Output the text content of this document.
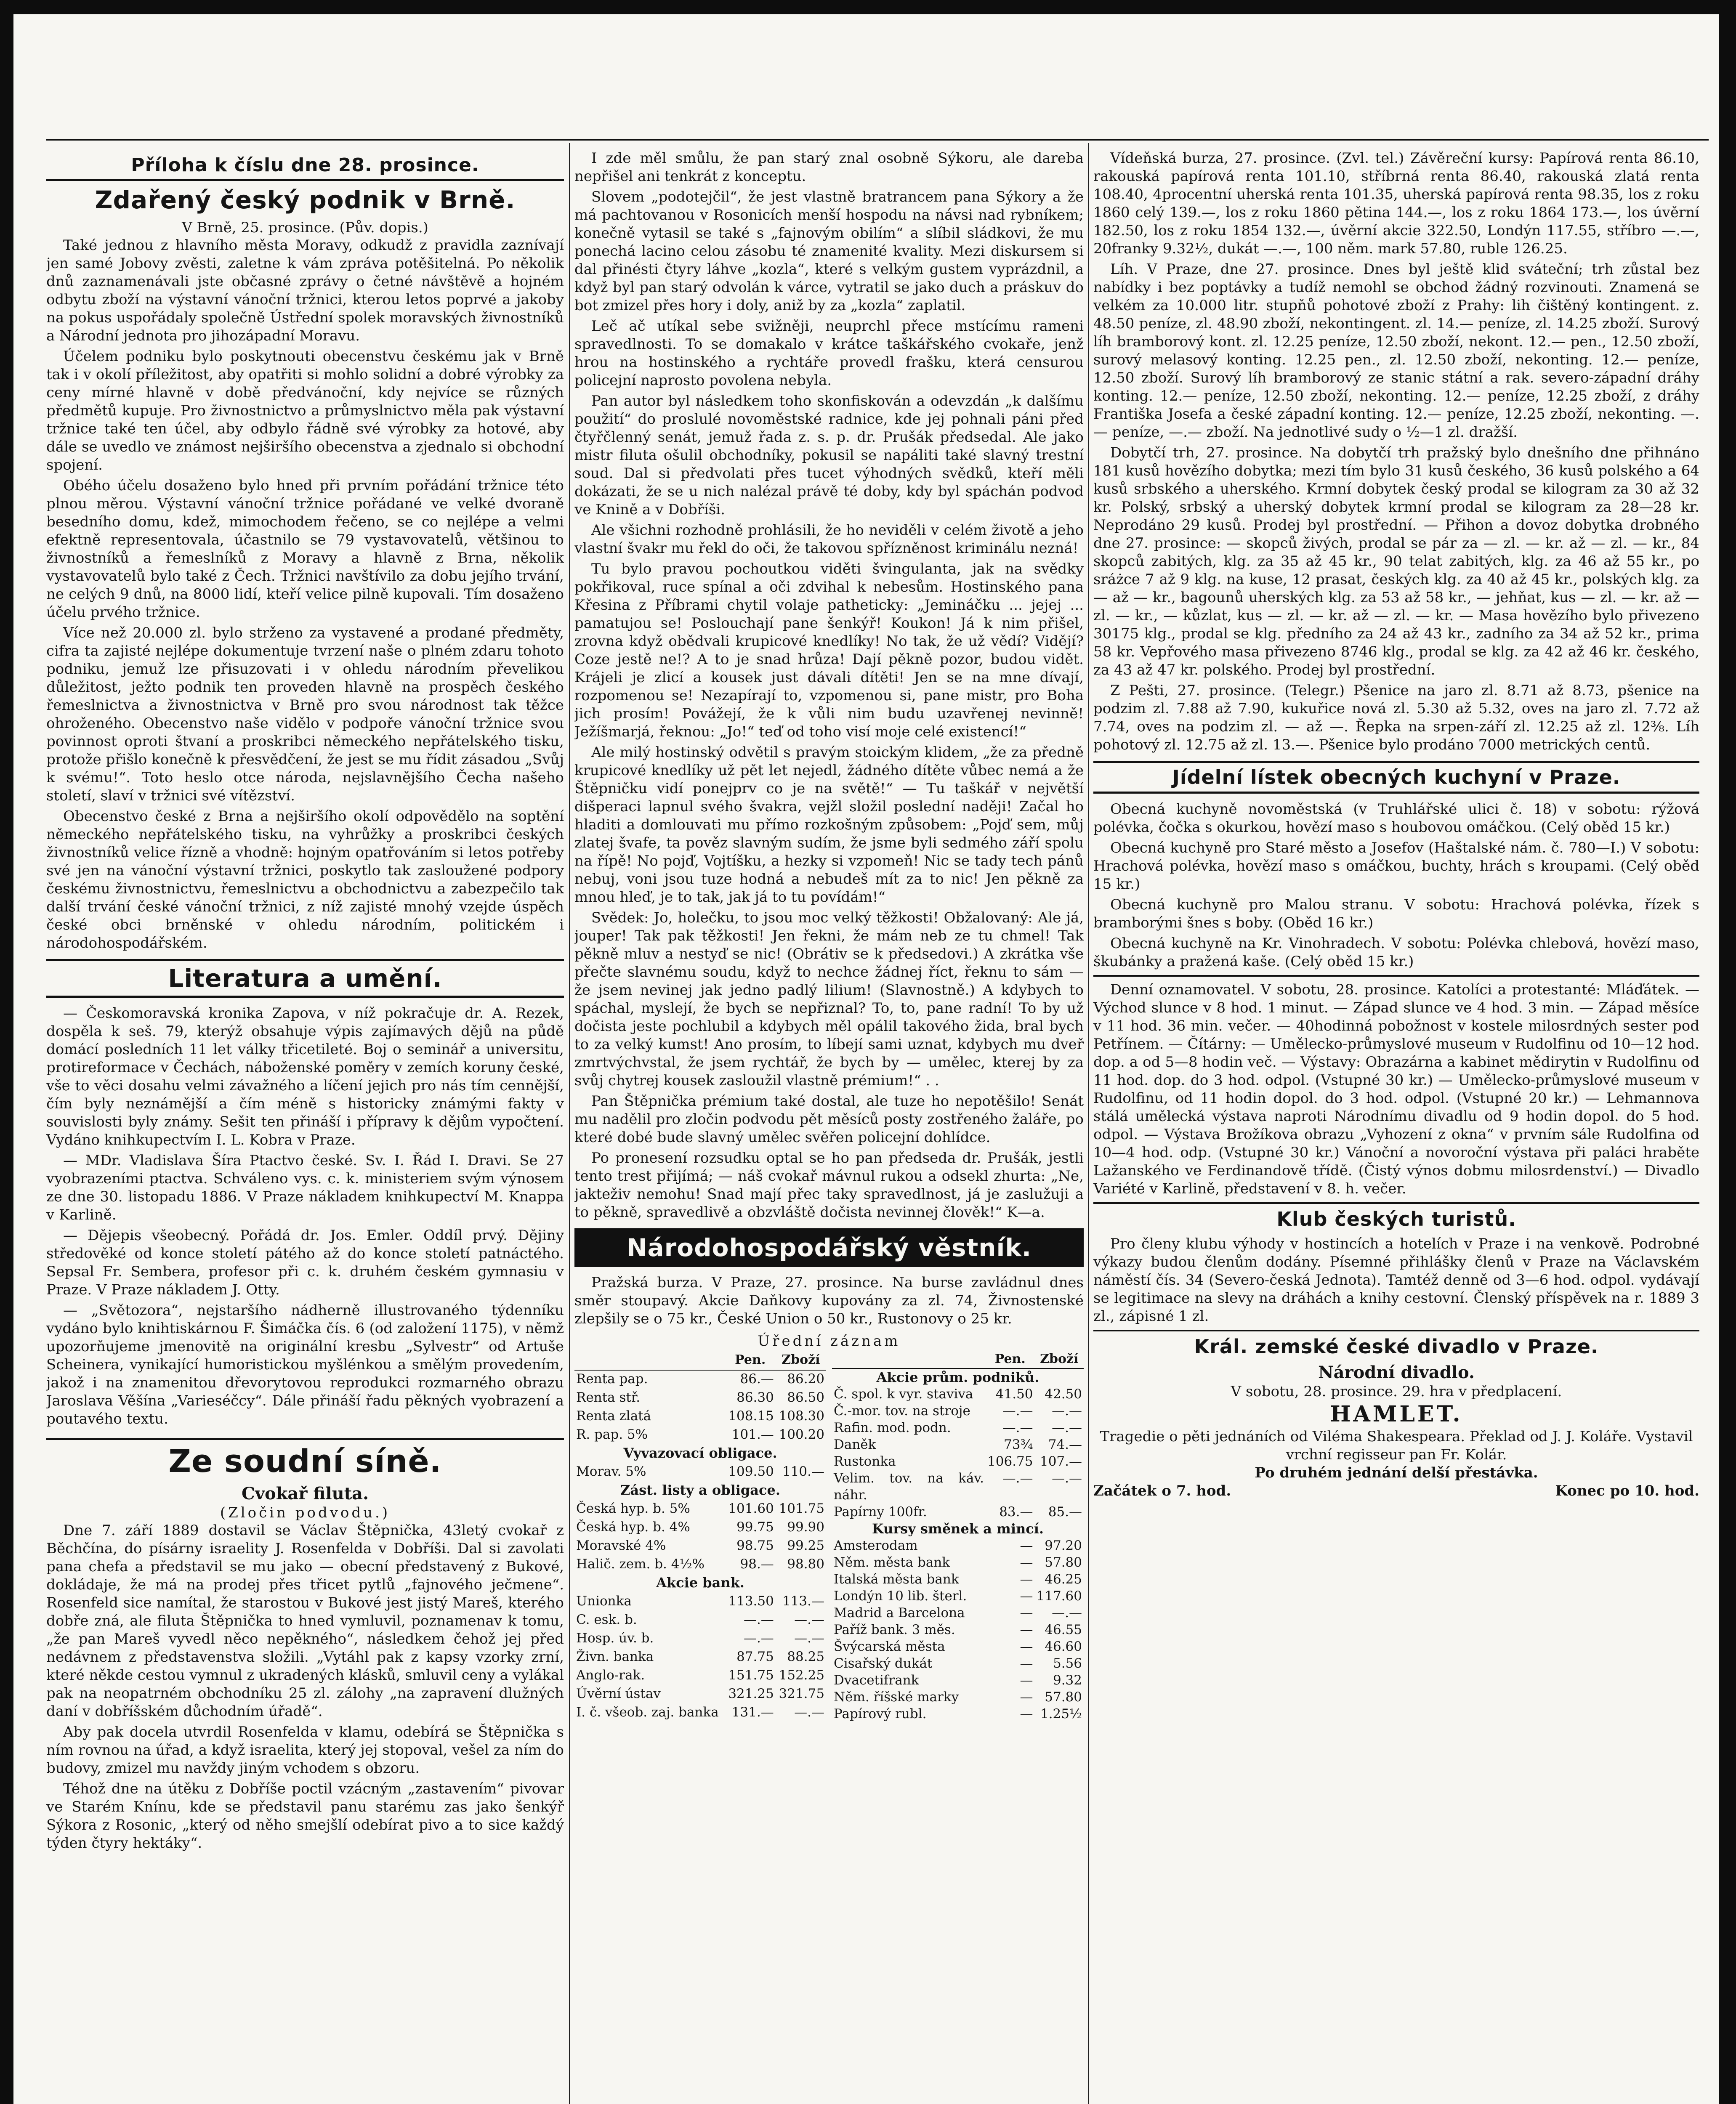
Příloha k číslu dne 28. prosince.
Zdařený český podnik v Brně.
V Brně, 25. prosince. (Pův. dopis.)

Také jednou z hlavního města Moravy, odkudž z pravidla zaznívají jen samé Jobovy zvěsti, zaletne k vám zpráva potěšitelná. Po několik dnů zaznamenávali jste občasné zprávy o četné návštěvě a hojném odbytu zboží na výstavní vánoční tržnici, kterou letos poprvé a jakoby na pokus uspořádaly společně Ústřední spolek moravských živnostníků a Národní jednota pro jihozápadní Moravu.

Účelem podniku bylo poskytnouti obecenstvu českému jak v Brně tak i v okolí příležitost, aby opatřiti si mohlo solidní a dobré výrobky za ceny mírné hlavně v době předvánoční, kdy nejvíce se různých předmětů kupuje. Pro živnostnictvo a průmyslnictvo měla pak výstavní tržnice také ten účel, aby odbylo řádně své výrobky za hotové, aby dále se uvedlo ve známost nejširšího obecenstva a zjednalo si obchodní spojení.

Obého účelu dosaženo bylo hned při prvním pořádání tržnice této plnou měrou. Výstavní vánoční tržnice pořádané ve velké dvoraně besedního domu, kdež, mimochodem řečeno, se co nejlépe a velmi efektně representovala, účastnilo se 79 vystavovatelů, většinou to živnostníků a řemeslníků z Moravy a hlavně z Brna, několik vystavovatelů bylo také z Čech. Tržnici navštívilo za dobu jejího trvání, ne celých 9 dnů, na 8000 lidí, kteří velice pilně kupovali. Tím dosaženo účelu prvého tržnice.

Více než 20.000 zl. bylo strženo za vystavené a prodané předměty, cifra ta zajisté nejlépe dokumentuje tvrzení naše o plném zdaru tohoto podniku, jemuž lze přisuzovati i v ohledu národním převelikou důležitost, ježto podnik ten proveden hlavně na prospěch českého řemeslnictva a živnostnictva v Brně pro svou národnost tak těžce ohroženého. Obecenstvo naše vidělo v podpoře vánoční tržnice svou povinnost oproti štvaní a proskribci německého nepřátelského tisku, protože přišlo konečně k přesvědčení, že jest se mu řídit zásadou „Svůj k svému!“. Toto heslo otce národa, nejslavnějšího Čecha našeho století, slaví v tržnici své vítězství.

Obecenstvo české z Brna a nejširšího okolí odpovědělo na soptění německého nepřátelského tisku, na vyhrůžky a proskribci českých živnostníků velice řízně a vhodně: hojným opatřováním si letos potřeby své jen na vánoční výstavní tržnici, poskytlo tak zasloužené podpory českému živnostnictvu, řemeslnictvu a obchodnictvu a zabezpečilo tak další trvání české vánoční tržnici, z níž zajisté mnohý vzejde úspěch české obci brněnské v ohledu národním, politickém i národohospodářském.

Literatura a umění.

— Českomoravská kronika Zapova, v níž pokračuje dr. A. Rezek, dospěla k seš. 79, kterýž obsahuje výpis zajímavých dějů na půdě domácí posledních 11 let války třicetileté. Boj o seminář a universitu, protireformace v Čechách, náboženské poměry v zemích koruny české, vše to věci dosahu velmi závažného a líčení jejich pro nás tím cennější, čím byly neznámější a čím méně s historicky známými fakty v souvislosti byly známy. Sešit ten přináší i přípravy k dějům vypočtení. Vydáno knihkupectvím I. L. Kobra v Praze.

— MDr. Vladislava Šíra Ptactvo české. Sv. I. Řád I. Dravi. Se 27 vyobrazeními ptactva. Schváleno vys. c. k. ministeriem svým výnosem ze dne 30. listopadu 1886. V Praze nákladem knihkupectví M. Knappa v Karlině.

— Dějepis všeobecný. Pořádá dr. Jos. Emler. Oddíl prvý. Dějiny středověké od konce století pátého až do konce století patnáctého. Sepsal Fr. Sembera, profesor při c. k. druhém českém gymnasiu v Praze. V Praze nákladem J. Otty.

— „Světozora“, nejstaršího nádherně illustrovaného týdenníku vydáno bylo knihtiskárnou F. Šimáčka čís. 6 (od založení 1175), v němž upozorňujeme jmenovitě na originální kresbu „Sylvestr“ od Artuše Scheinera, vynikající humoristickou myšlénkou a smělým provedením, jakož i na znamenitou dřevorytovou reprodukci rozmarného obrazu Jaroslava Věšína „Varieséčcy“. Dále přináší řadu pěkných vyobrazení a poutavého textu.

Ze soudní síně.
Cvokař filuta.
(Zločin podvodu.)

Dne 7. září 1889 dostavil se Václav Štěpnička, 43letý cvokař z Běchčína, do písárny israelity J. Rosenfelda v Dobříši. Dal si zavolati pana chefa a představil se mu jako — obecní představený z Bukové, dokládaje, že má na prodej přes třicet pytlů „fajnového ječmene“. Rosenfeld sice namítal, že starostou v Bukové jest jistý Mareš, kterého dobře zná, ale filuta Štěpnička to hned vymluvil, poznamenav k tomu, „že pan Mareš vyvedl něco nepěkného“, následkem čehož jej před nedávnem z představenstva složili. „Vytáhl pak z kapsy vzorky zrní, které někde cestou vymnul z ukradených klásků, smluvil ceny a vylákal pak na neopatrném obchodníku 25 zl. zálohy „na zapravení dlužných daní v dobříšském důchodním úřadě“.

Aby pak docela utvrdil Rosenfelda v klamu, odebírá se Štěpnička s ním rovnou na úřad, a když israelita, který jej stopoval, vešel za ním do budovy, zmizel mu navždy jiným vchodem s obzoru.

Téhož dne na útěku z Dobříše poctil vzácným „zastavením“ pivovar ve Starém Knínu, kde se představil panu starému zas jako šenkýř Sýkora z Rosonic, „který od něho smejšlí odebírat pivo a to sice každý týden čtyry hektáky“.

I zde měl smůlu, že pan starý znal osobně Sýkoru, ale dareba nepřišel ani tenkrát z konceptu.

Slovem „podotejčil“, že jest vlastně bratrancem pana Sýkory a že má pachtovanou v Rosonicích menší hospodu na návsi nad rybníkem; konečně vytasil se také s „fajnovým obilím“ a slíbil sládkovi, že mu ponechá lacino celou zásobu té znamenité kvality. Mezi diskursem si dal přinésti čtyry láhve „kozla“, které s velkým gustem vyprázdnil, a když byl pan starý odvolán k várce, vytratil se jako duch a práskuv do bot zmizel přes hory i doly, aniž by za „kozla“ zaplatil.

Leč ač utíkal sebe svižněji, neuprchl přece mstícímu rameni spravedlnosti. To se domakalo v krátce taškářského cvokaře, jenž hrou na hostinského a rychtáře provedl frašku, která censurou policejní naprosto povolena nebyla.

Pan autor byl následkem toho skonfiskován a odevzdán „k dalšímu použití“ do proslulé novoměstské radnice, kde jej pohnali páni před čtyřčlenný senát, jemuž řada z. s. p. dr. Prušák předsedal. Ale jako mistr filuta ošulil obchodníky, pokusil se napáliti také slavný trestní soud. Dal si předvolati přes tucet výhodných svědků, kteří měli dokázati, že se u nich nalézal právě té doby, kdy byl spáchán podvod ve Knině a v Dobříši.

Ale všichni rozhodně prohlásili, že ho neviděli v celém životě a jeho vlastní švakr mu řekl do oči, že takovou spřízněnost kriminálu nezná!

Tu bylo pravou pochoutkou viděti švingulanta, jak na svědky pokřikoval, ruce spínal a oči zdvihal k nebesům. Hostinského pana Křesina z Příbrami chytil volaje patheticky: „Jemináčku ... jejej ... pamatujou se! Poslouchají pane šenkýř! Koukon! Já k nim přišel, zrovna když obědvali krupicové knedlíky! No tak, že už vědí? Vidějí? Coze jestě ne!? A to je snad hrůza! Dají pěkně pozor, budou vidět. Krájeli je zlicí a kousek just dávali dítěti! Jen se na mne dívají, rozpomenou se! Nezapírají to, vzpomenou si, pane mistr, pro Boha jich prosím! Povážejí, že k vůli nim budu uzavřenej nevinně! Ježíšmarjá, řeknou: „Jo!“ teď od toho visí moje celé existencí!“

Ale milý hostinský odvětil s pravým stoickým klidem, „že za předně krupicové knedlíky už pět let nejedl, žádného dítěte vůbec nemá a že Štěpničku vidí ponejprv co je na světě!“ — Tu taškář v největší dišperaci lapnul svého švakra, vejžl složil poslední naději! Začal ho hladiti a domlouvati mu přímo rozkošným způsobem: „Pojď sem, můj zlatej švafe, ta pověz slavným sudím, že jsme byli sedmého září spolu na řípě! No pojď, Vojtíšku, a hezky si vzpomeň! Nic se tady tech pánů nebuj, voni jsou tuze hodná a nebudeš mít za to nic! Jen pěkně za mnou hleď, je to tak, jak já to tu povídám!“

Svědek: Jo, holečku, to jsou moc velký těžkosti! Obžalovaný: Ale já, jouper! Tak pak těžkosti! Jen řekni, že mám neb ze tu chmel! Tak pěkně mluv a nestyď se nic! (Obrátiv se k předsedovi.) A zkrátka vše přečte slavnému soudu, když to nechce žádnej říct, řeknu to sám — že jsem nevinej jak jedno padlý lilium! (Slavnostně.) A kdybych to spáchal, myslejí, že bych se nepřiznal? To, to, pane radní! To by už dočista jeste pochlubil a kdybych měl opálil takového žida, bral bych to za velký kumst! Ano prosím, to líbejí sami uznat, kdybych mu dveř zmrtvýchvstal, že jsem rychtář, že bych by — umělec, kterej by za svůj chytrej kousek zasloužil vlastně prémium!“ . .

Pan Štěpnička prémium také dostal, ale tuze ho nepotěšilo! Senát mu nadělil pro zločin podvodu pět měsíců posty zostřeného žaláře, po které dobé bude slavný umělec svěřen policejní dohlídce.

Po pronesení rozsudku optal se ho pan předseda dr. Prušák, jestli tento trest přijímá; — náš cvokař mávnul rukou a odsekl zhurta: „Ne, jakteživ nemohu! Snad mají přec taky spravedlnost, já je zaslužuji a to pěkně, spravedlivě a obzvláště dočista nevinnej člověk!“ K—a.

Národohospodářský věstník.

Pražská burza. V Praze, 27. prosince. Na burse zavládnul dnes směr stoupavý. Akcie Daňkovy kupovány za zl. 74, Živnostenské zlepšily se o 75 kr., České Union o 50 kr., Rustonovy o 25 kr.

Úřední záznam
	Pen.	Zboží
Renta pap.	86.—	86.20
Renta stř.	86.30	86.50
Renta zlatá	108.15	108.30
R. pap. 5%	101.—	100.20
Vyvazovací obligace.		
Morav. 5%	109.50	110.—
Zást. listy a obligace.		
Česká hyp. b. 5%	101.60	101.75
Česká hyp. b. 4%	99.75	99.90
Moravské 4%	98.75	99.25
Halič. zem. b. 4½%	98.—	98.80
Akcie bank.		
Unionka	113.50	113.—
C. esk. b.	—.—	—.—
Hosp. úv. b.	—.—	—.—
Živn. banka	87.75	88.25
Anglo-rak.	151.75	152.25
Úvěrní ústav	321.25	321.75
I. č. všeob. zaj. banka	131.—	—.—
	Pen.	Zboží
Akcie prům. podniků.		
Č. spol. k vyr. staviva	41.50	42.50
Č.-mor. tov. na stroje	—.—	—.—
Rafin. mod. podn.	—.—	—.—
Daněk	73¾	74.—
Rustonka	106.75	107.—
Velim. tov. na káv. náhr.	—.—	—.—
Papírny 100fr.	83.—	85.—
Kursy směnek a mincí.		
Amsterodam	—	97.20
Něm. města bank	—	57.80
Italská města bank	—	46.25
Londýn 10 lib. šterl.	—	117.60
Madrid a Barcelona	—	—.—
Paříž bank. 3 měs.	—	46.55
Švýcarská města	—	46.60
Cisařský dukát	—	5.56
Dvacetifrank	—	9.32
Něm. říšské marky	—	57.80
Papírový rubl.	—	1.25½

Vídeňská burza, 27. prosince. (Zvl. tel.) Závěreční kursy: Papírová renta 86.10, rakouská papírová renta 101.10, stříbrná renta 86.40, rakouská zlatá renta 108.40, 4procentní uherská renta 101.35, uherská papírová renta 98.35, los z roku 1860 celý 139.—, los z roku 1860 pětina 144.—, los z roku 1864 173.—, los úvěrní 182.50, los z roku 1854 132.—, úvěrní akcie 322.50, Londýn 117.55, stříbro —.—, 20franky 9.32½, dukát —.—, 100 něm. mark 57.80, ruble 126.25.

Líh. V Praze, dne 27. prosince. Dnes byl ještě klid sváteční; trh zůstal bez nabídky i bez poptávky a tudíž nemohl se obchod žádný rozvinouti. Znamená se velkém za 10.000 litr. stupňů pohotové zboží z Prahy: lih čištěný kontingent. z. 48.50 peníze, zl. 48.90 zboží, nekontingent. zl. 14.— peníze, zl. 14.25 zboží. Surový líh bramborový kont. zl. 12.25 peníze, 12.50 zboží, nekont. 12.— pen., 12.50 zboží, surový melasový konting. 12.25 pen., zl. 12.50 zboží, nekonting. 12.— peníze, 12.50 zboží. Surový líh bramborový ze stanic státní a rak. severo-západní dráhy konting. 12.— peníze, 12.50 zboží, nekonting. 12.— peníze, 12.25 zboží, z dráhy Františka Josefa a české západní konting. 12.— peníze, 12.25 zboží, nekonting. —.— peníze, —.— zboží. Na jednotlivé sudy o ½—1 zl. dražší.

Dobytčí trh, 27. prosince. Na dobytčí trh pražský bylo dnešního dne přihnáno 181 kusů hovězího dobytka; mezi tím bylo 31 kusů českého, 36 kusů polského a 64 kusů srbského a uherského. Krmní dobytek český prodal se kilogram za 30 až 32 kr. Polský, srbský a uherský dobytek krmní prodal se kilogram za 28—28 kr. Neprodáno 29 kusů. Prodej byl prostřední. — Přihon a dovoz dobytka drobného dne 27. prosince: — skopců živých, prodal se pár za — zl. — kr. až — zl. — kr., 84 skopců zabitých, klg. za 35 až 45 kr., 90 telat zabitých, klg. za 46 až 55 kr., po sráżce 7 až 9 klg. na kuse, 12 prasat, českých klg. za 40 až 45 kr., polských klg. za — až — kr., bagounů uherských klg. za 53 až 58 kr., — jehňat, kus — zl. — kr. až — zl. — kr., — kůzlat, kus — zl. — kr. až — zl. — kr. — Masa hovězího bylo přivezeno 30175 klg., prodal se klg. předního za 24 až 43 kr., zadního za 34 až 52 kr., prima 58 kr. Vepřového masa přivezeno 8746 klg., prodal se klg. za 42 až 46 kr. českého, za 43 až 47 kr. polského. Prodej byl prostřední.

Z Pešti, 27. prosince. (Telegr.) Pšenice na jaro zl. 8.71 až 8.73, pšenice na podzim zl. 7.88 až 7.90, kukuřice nová zl. 5.30 až 5.32, oves na jaro zl. 7.72 až 7.74, oves na podzim zl. — až —. Řepka na srpen-září zl. 12.25 až zl. 12⅜. Líh pohotový zl. 12.75 až zl. 13.—. Pšenice bylo prodáno 7000 metrických centů.

Jídelní lístek obecných kuchyní v Praze.

Obecná kuchyně novoměstská (v Truhlářské ulici č. 18) v sobotu: rýžová polévka, čočka s okurkou, hovězí maso s houbovou omáčkou. (Celý oběd 15 kr.)

Obecná kuchyně pro Staré město a Josefov (Haštalské nám. č. 780—I.) V sobotu: Hrachová polévka, hovězí maso s omáčkou, buchty, hrách s kroupami. (Celý oběd 15 kr.)

Obecná kuchyně pro Malou stranu. V sobotu: Hrachová polévka, řízek s bramborými šnes s boby. (Oběd 16 kr.)

Obecná kuchyně na Kr. Vinohradech. V sobotu: Polévka chlebová, hovězí maso, škubánky a pražená kaše. (Celý oběd 15 kr.)

Denní oznamovatel. V sobotu, 28. prosince. Katolíci a protestanté: Mláďátek. — Východ slunce v 8 hod. 1 minut. — Západ slunce ve 4 hod. 3 min. — Západ měsíce v 11 hod. 36 min. večer. — 40hodinná pobožnost v kostele milosrdných sester pod Petřínem. — Čítárny: — Umělecko-průmyslové museum v Rudolfinu od 10—12 hod. dop. a od 5—8 hodin več. — Výstavy: Obrazárna a kabinet mědirytin v Rudolfinu od 11 hod. dop. do 3 hod. odpol. (Vstupné 30 kr.) — Umělecko-průmyslové museum v Rudolfinu, od 11 hodin dopol. do 3 hod. odpol. (Vstupné 20 kr.) — Lehmannova stálá umělecká výstava naproti Národnímu divadlu od 9 hodin dopol. do 5 hod. odpol. — Výstava Brožíkova obrazu „Vyhození z okna“ v prvním sále Rudolfina od 10—4 hod. odp. (Vstupné 30 kr.) Vánoční a novoroční výstava při paláci hraběte Lažanského ve Ferdinandově třídě. (Čistý výnos dobmu milosrdenství.) — Divadlo Variété v Karlině, představení v 8. h. večer.

Klub českých turistů.

Pro členy klubu výhody v hostincích a hotelích v Praze i na venkově. Podrobné výkazy budou členům dodány. Písemné přihlášky členů v Praze na Václavském náměstí čís. 34 (Severo-česká Jednota). Tamtéž denně od 3—6 hod. odpol. vydávají se legitimace na slevy na dráhách a knihy cestovní. Členský příspěvek na r. 1889 3 zl., zápisné 1 zl.

Král. zemské české divadlo v Praze.
Národní divadlo.
V sobotu, 28. prosince. 29. hra v předplacení.
HAMLET.
Tragedie o pěti jednáních od Viléma Shakespeara. Překlad od J. J. Koláře. Vystavil vrchní regisseur pan Fr. Kolár.
Po druhém jednání delší přestávka.
Začátek o 7. hod.	Konec po 10. hod.
